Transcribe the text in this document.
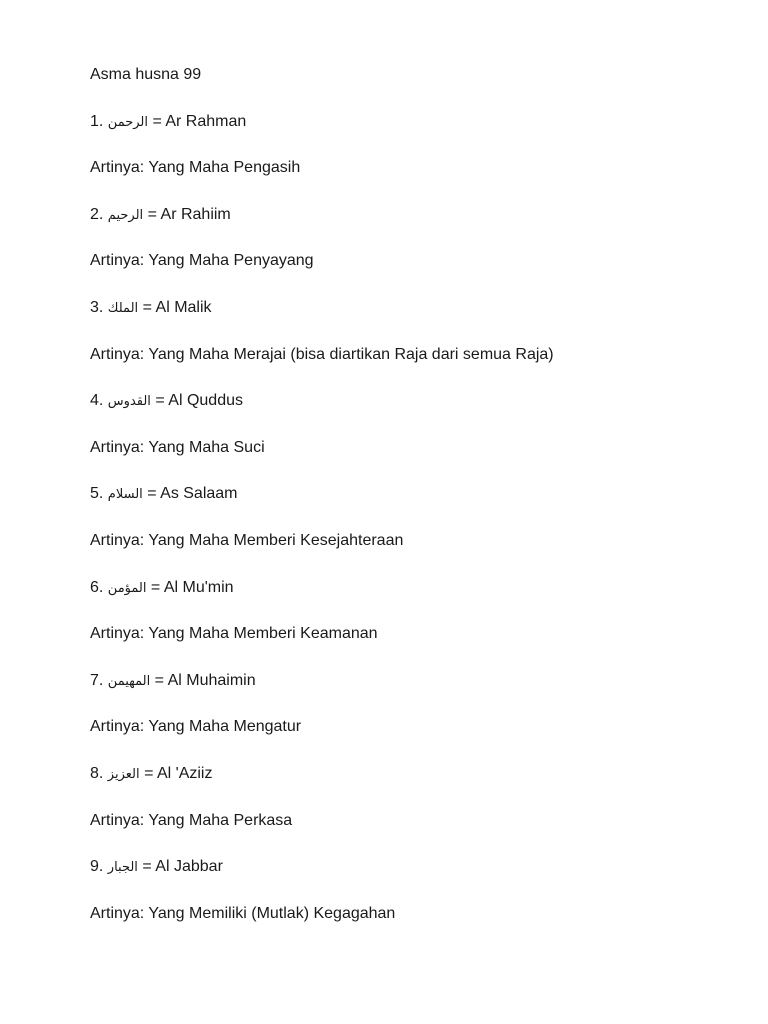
Asma husna 99
1. الرحمن = Ar Rahman
Artinya: Yang Maha Pengasih
2. الرحيم = Ar Rahiim
Artinya: Yang Maha Penyayang
3. الملك = Al Malik
Artinya: Yang Maha Merajai (bisa diartikan Raja dari semua Raja)
4. القدوس = Al Quddus
Artinya: Yang Maha Suci
5. السلام = As Salaam
Artinya: Yang Maha Memberi Kesejahteraan
6. المؤمن = Al Mu'min
Artinya: Yang Maha Memberi Keamanan
7. المهيمن = Al Muhaimin
Artinya: Yang Maha Mengatur
8. العزيز = Al 'Aziiz
Artinya: Yang Maha Perkasa
9. الجبار = Al Jabbar
Artinya: Yang Memiliki (Mutlak) Kegagahan
